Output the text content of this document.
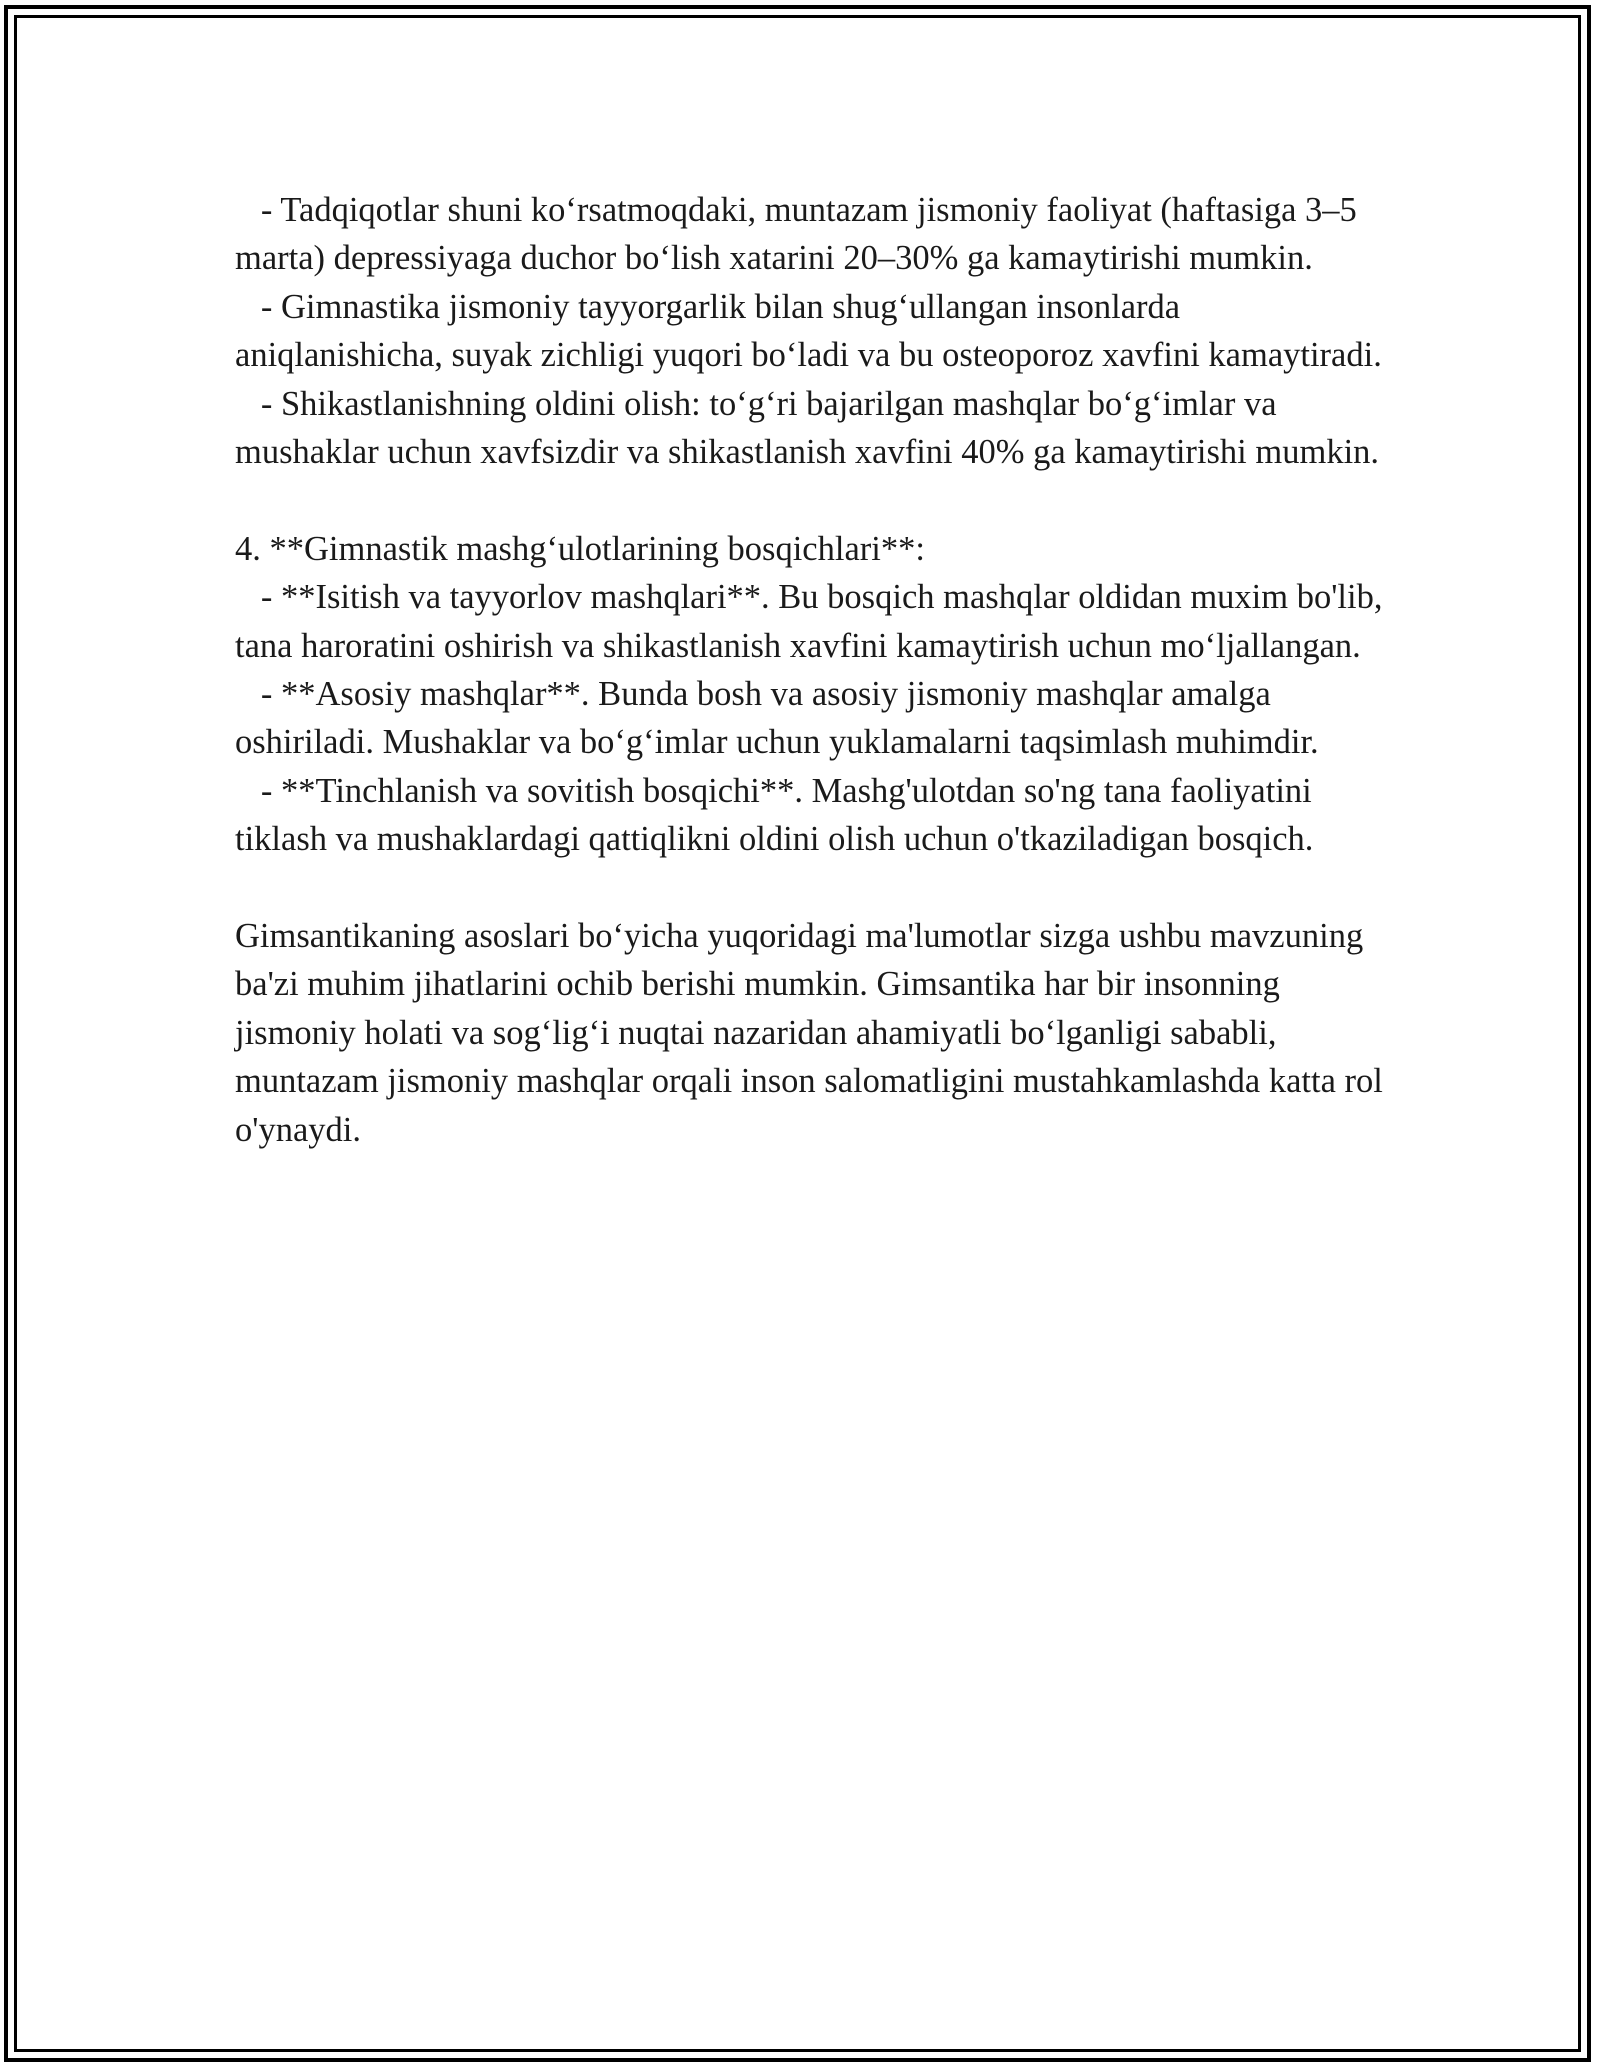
- Tadqiqotlar shuni ko‘rsatmoqdaki, muntazam jismoniy faoliyat (haftasiga 3–5 marta) depressiyaga duchor bo‘lish xatarini 20–30% ga kamaytirishi mumkin.

- Gimnastika jismoniy tayyorgarlik bilan shug‘ullangan insonlarda aniqlanishicha, suyak zichligi yuqori bo‘ladi va bu osteoporoz xavfini kamaytiradi.

- Shikastlanishning oldini olish: to‘g‘ri bajarilgan mashqlar bo‘g‘imlar va mushaklar uchun xavfsizdir va shikastlanish xavfini 40% ga kamaytirishi mumkin.

4. **Gimnastik mashg‘ulotlarining bosqichlari**:

- **Isitish va tayyorlov mashqlari**. Bu bosqich mashqlar oldidan muxim bo'lib, tana haroratini oshirish va shikastlanish xavfini kamaytirish uchun mo‘ljallangan.

- **Asosiy mashqlar**. Bunda bosh va asosiy jismoniy mashqlar amalga oshiriladi. Mushaklar va bo‘g‘imlar uchun yuklamalarni taqsimlash muhimdir.

- **Tinchlanish va sovitish bosqichi**. Mashg'ulotdan so'ng tana faoliyatini tiklash va mushaklardagi qattiqlikni oldini olish uchun o'tkaziladigan bosqich.

Gimsantikaning asoslari bo‘yicha yuqoridagi ma'lumotlar sizga ushbu mavzuning ba'zi muhim jihatlarini ochib berishi mumkin. Gimsantika har bir insonning jismoniy holati va sog‘lig‘i nuqtai nazaridan ahamiyatli bo‘lganligi sababli, muntazam jismoniy mashqlar orqali inson salomatligini mustahkamlashda katta rol o'ynaydi.
